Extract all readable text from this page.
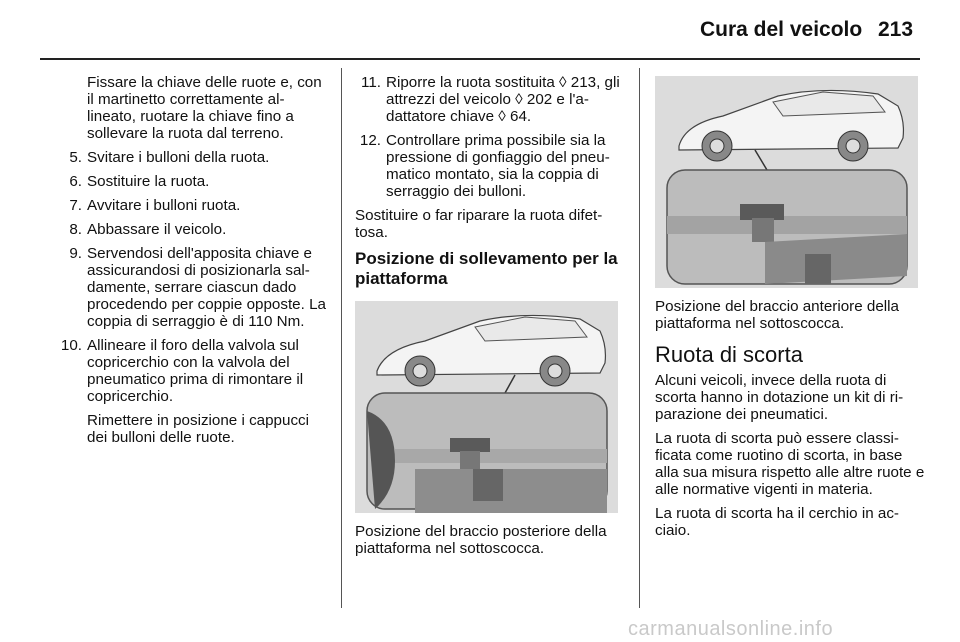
Cura del veicolo 213

Fissare la chiave delle ruote e, con il martinetto correttamente al-lineato, ruotare la chiave fino a sollevare la ruota dal terreno.

5. Svitare i bulloni della ruota.
6. Sostituire la ruota.
7. Avvitare i bulloni ruota.
8. Abbassare il veicolo.
9. Servendosi dell'apposita chiave e assicurandosi di posizionarla sal-damente, serrare ciascun dado procedendo per coppie opposte. La coppia di serraggio è di 110 Nm.
10. Allineare il foro della valvola sul copricerchio con la valvola del pneumatico prima di rimontare il copricerchio.
Rimettere in posizione i cappucci dei bulloni delle ruote.
11. Riporre la ruota sostituita ◊ 213, gli attrezzi del veicolo ◊ 202 e l'a-dattatore chiave ◊ 64.
12. Controllare prima possibile sia la pressione di gonfiaggio del pneu-matico montato, sia la coppia di serraggio dei bulloni.

Sostituire o far riparare la ruota difet-tosa.

Posizione di sollevamento per la piattaforma

Posizione del braccio posteriore della piattaforma nel sottoscocca.

Posizione del braccio anteriore della piattaforma nel sottoscocca.

Ruota di scorta

Alcuni veicoli, invece della ruota di scorta hanno in dotazione un kit di ri-parazione dei pneumatici.

La ruota di scorta può essere classi-ficata come ruotino di scorta, in base alla sua misura rispetto alle altre ruote e alle normative vigenti in materia.

La ruota di scorta ha il cerchio in ac-ciaio.

carmanualsonline.info
